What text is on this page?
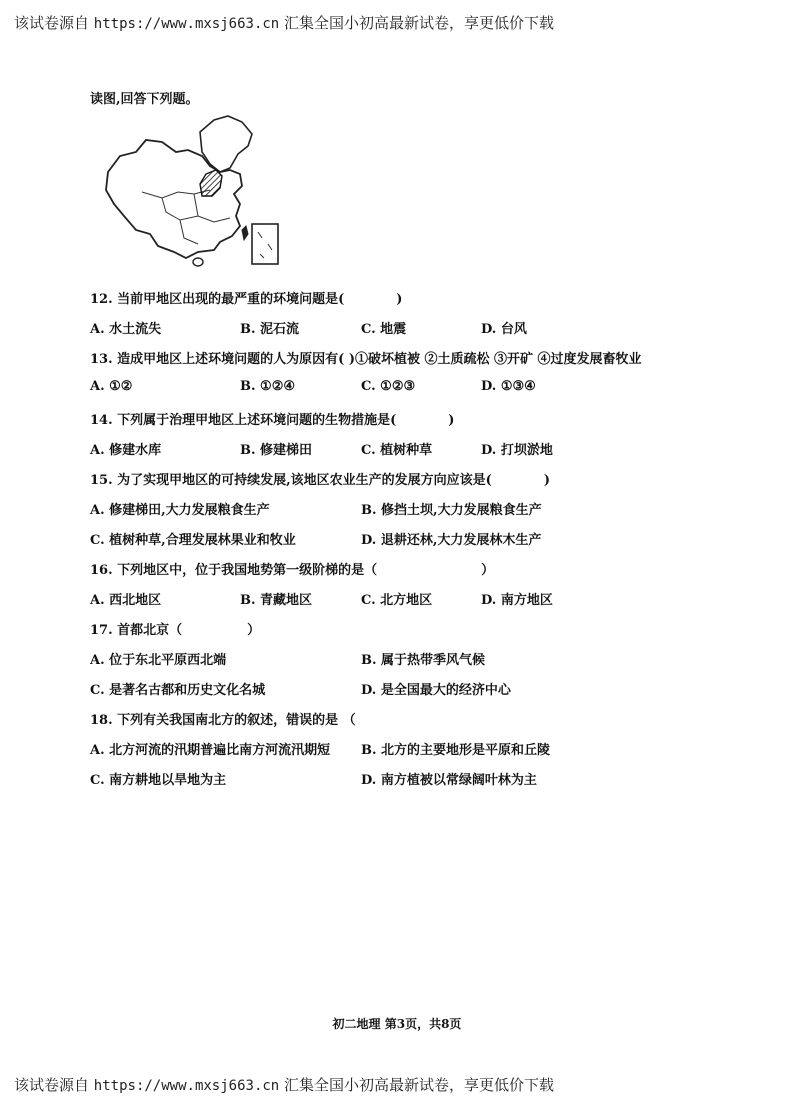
该试卷源自 https://www.mxsj663.cn 汇集全国小初高最新试卷，享更低价下载

读图,回答下列题。

12. 当前甲地区出现的最严重的环境问题是(　　　　)
A. 水土流失	B. 泥石流	C. 地震	D. 台风
13. 造成甲地区上述环境问题的人为原因有( )①破坏植被 ②土质疏松 ③开矿 ④过度发展畜牧业
A. ①②	B. ①②④	C. ①②③	D. ①③④
14. 下列属于治理甲地区上述环境问题的生物措施是(　　　　)
A. 修建水库	B. 修建梯田	C. 植树种草	D. 打坝淤地
15. 为了实现甲地区的可持续发展,该地区农业生产的发展方向应该是(　　　　)
A. 修建梯田,大力发展粮食生产	B. 修挡土坝,大力发展粮食生产
C. 植树种草,合理发展林果业和牧业	D. 退耕还林,大力发展林木生产
16. 下列地区中，位于我国地势第一级阶梯的是（　　　　　　　　）
A. 西北地区	B. 青藏地区	C. 北方地区	D. 南方地区
17. 首都北京（　　　　　）
A. 位于东北平原西北端	B. 属于热带季风气候
C. 是著名古都和历史文化名城	D. 是全国最大的经济中心
18. 下列有关我国南北方的叙述，错误的是 （
A. 北方河流的汛期普遍比南方河流汛期短 B. 北方的主要地形是平原和丘陵
C. 南方耕地以旱地为主	D. 南方植被以常绿阔叶林为主
初二地理 第3页，共8页
该试卷源自 https://www.mxsj663.cn 汇集全国小初高最新试卷，享更低价下载
